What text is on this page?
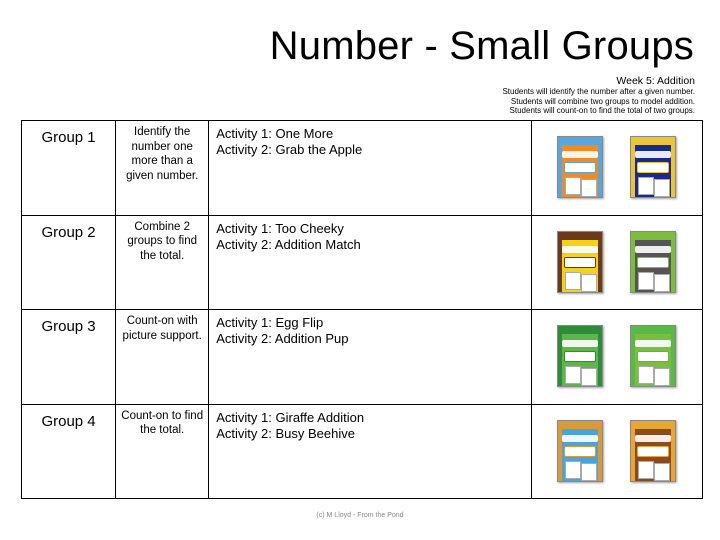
Number - Small Groups
Week 5: Addition
Students will identify the number after a given number.
Students will combine two groups to model addition.
Students will count-on to find the total of two groups.
Group 1	Identify the number one more than a given number.	Activity 1: One More
Activity 2: Grab the Apple	

Group 2	Combine 2 groups to find the total.	Activity 1: Too Cheeky
Activity 2: Addition Match	

Group 3	Count-on with picture support.	Activity 1: Egg Flip
Activity 2: Addition Pup	

Group 4	Count-on to find the total.	Activity 1: Giraffe Addition
Activity 2: Busy Beehive	

(c) M Lloyd - From the Pond
